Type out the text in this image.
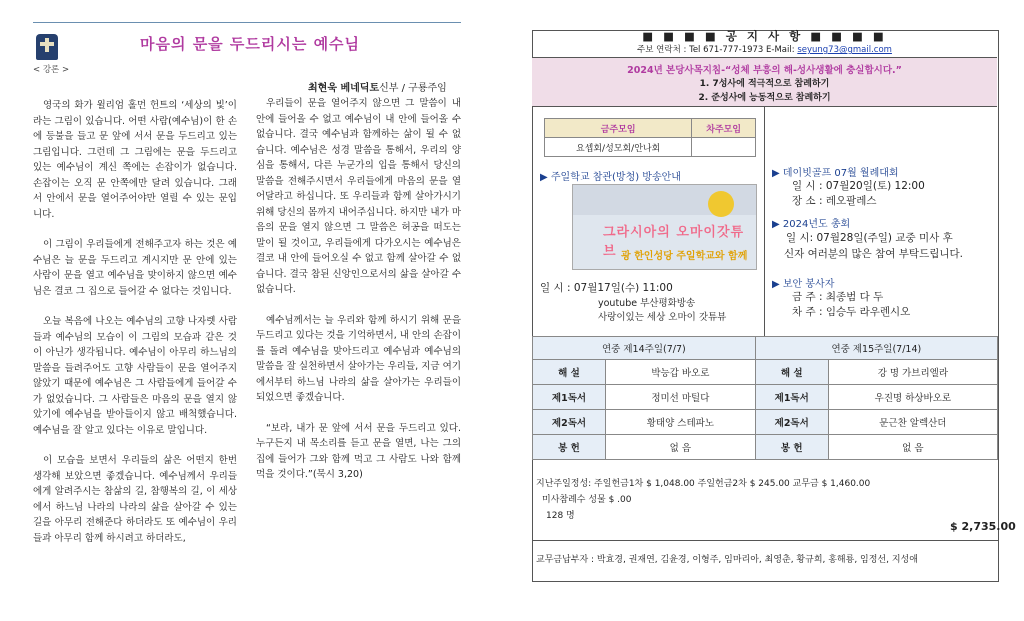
< 강론 >
마음의 문을 두드리시는 예수님
최현욱 베네딕토신부 / 구룡주임

영국의 화가 윌리엄 홀먼 헌트의 ‘세상의 빛’이라는 그림이 있습니다. 어떤 사람(예수님)이 한 손에 등불을 들고 문 앞에 서서 문을 두드리고 있는 그림입니다. 그런데 그 그림에는 문을 두드리고 있는 예수님이 계신 쪽에는 손잡이가 없습니다. 손잡이는 오직 문 안쪽에만 달려 있습니다. 그래서 안에서 문을 열어주어야만 열릴 수 있는 문입니다.

이 그림이 우리들에게 전해주고자 하는 것은 예수님은 늘 문을 두드리고 계시지만 문 안에 있는 사람이 문을 열고 예수님을 맞이하지 않으면 예수님은 결코 그 집으로 들어갈 수 없다는 것입니다.

오늘 복음에 나오는 예수님의 고향 나자렛 사람들과 예수님의 모습이 이 그림의 모습과 같은 것이 아닌가 생각됩니다. 예수님이 아무리 하느님의 말씀을 들려주어도 고향 사람들이 문을 열어주지 않았기 때문에 예수님은 그 사람들에게 들어갈 수가 없었습니다. 그 사람들은 마음의 문을 열지 않았기에 예수님을 받아들이지 않고 배척했습니다. 예수님을 잘 알고 있다는 이유로 말입니다.

이 모습을 보면서 우리들의 삶은 어떤지 한번 생각해 보았으면 좋겠습니다. 예수님께서 우리들에게 알려주시는 참삶의 길, 참행복의 길, 이 세상에서 하느님 나라의 나라의 삶을 살아갈 수 있는 길을 아무리 전해준다 하더라도 또 예수님이 우리들과 아무리 함께 하시려고 하더라도,

우리들이 문을 열어주지 않으면 그 말씀이 내 안에 들어올 수 없고 예수님이 내 안에 들어올 수 없습니다. 결국 예수님과 함께하는 삶이 될 수 없습니다. 예수님은 성경 말씀을 통해서, 우리의 양심을 통해서, 다른 누군가의 입을 통해서 당신의 말씀을 전해주시면서 우리들에게 마음의 문을 열어달라고 하십니다. 또 우리들과 함께 살아가시기 위해 당신의 몸까지 내어주십니다. 하지만 내가 마음의 문을 열지 않으면 그 말씀은 허공을 떠도는 말이 될 것이고, 우리들에게 다가오시는 예수님은 결코 내 안에 들어오실 수 없고 함께 살아갈 수 없습니다. 결국 참된 신앙인으로서의 삶을 살아갈 수 없습니다.

예수님께서는 늘 우리와 함께 하시기 위해 문을 두드리고 있다는 것을 기억하면서, 내 안의 손잡이를 돌려 예수님을 맞아드리고 예수님과 예수님의 말씀을 잘 실천하면서 살아가는 우리들, 지금 여기에서부터 하느님 나라의 삶을 살아가는 우리들이 되었으면 좋겠습니다.

“보라, 내가 문 앞에 서서 문을 두드리고 있다. 누구든지 내 목소리를 듣고 문을 열면, 나는 그의 집에 들어가 그와 함께 먹고 그 사람도 나와 함께 먹을 것이다.”(묵시 3,20)

■ ■ ■ ■ 공 지 사 항 ■ ■ ■ ■
주보 연락처 : Tel 671-777-1973 E-Mail: seyung73@gmail.com
2024년 본당사목지침-“성체 부흥의 해-성사생활에 충실합시다.”
1. 7성사에 적극적으로 참례하기
2. 준성사에 능동적으로 참례하기
금주모임	차주모임
요셉회/성모회/안나회	
▶ 주일학교 참관(방청) 방송안내
그라시아의 오마이갓튜브 광 한인성당 주일학교와 함께
일 시 : 07월17일(수) 11:00
youtube 부산평화방송
사랑이있는 세상 오마이 갓튜뷰
▶ 데이빗골프 07월 월례대회
일 시 : 07월20일(토) 12:00
장 소 : 레오팔레스
▶ 2024년도 총회
일 시: 07월28일(주일) 교중 미사 후
신자 여러분의 많은 참여 부탁드립니다.
▶ 보안 봉사자
금 주 : 최종범 다 두
차 주 : 임승두 라우렌시오
연중 제14주일(7/7)		연중 제15주일(7/14)	
해 설	박능갑 바오로	해 설	강 명 가브리엘라
제1독서	정미선 마틸다	제1독서	우진명 하상바오로
제2독서	황태양 스테파노	제2독서	문근찬 알렉산더
봉 헌	없 음	봉 헌	없 음
지난주일정성: 주일헌금1차 $ 1,048.00 주일헌금2차 $ 245.00 교무금 $ 1,460.00
미사참례수 성물 $ .00
128 명
$ 2,735.00
교무금납부자 : 박효경, 권재연, 김윤경, 이형주, 임마리아, 최영춘, 황규희, 홍해룡, 임정선, 지성애
